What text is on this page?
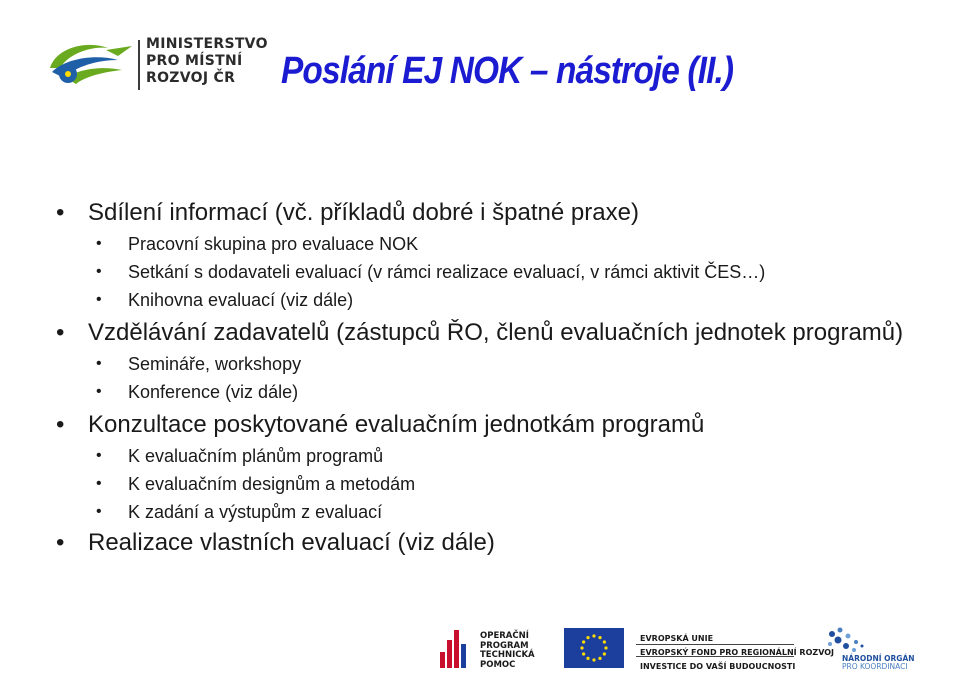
MINISTERSTVO
PRO MÍSTNÍ
ROZVOJ ČR	Poslání EJ NOK – nástroje (II.)
• Sdílení informací (vč. příkladů dobré i špatné praxe)
• Pracovní skupina pro evaluace NOK
• Setkání s dodavateli evaluací (v rámci realizace evaluací, v rámci aktivit ČES…)
• Knihovna evaluací (viz dále)
• Vzdělávání zadavatelů (zástupců ŘO, členů evaluačních jednotek programů)
• Semináře, workshopy
• Konference (viz dále)
• Konzultace poskytované evaluačním jednotkám programů
• K evaluačním plánům programů
• K evaluačním designům a metodám
• K zadání a výstupům z evaluací
• Realizace vlastních evaluací (viz dále)
OPERAČNÍ
PROGRAM
TECHNICKÁ
POMOC
EVROPSKÁ UNIE
EVROPSKÝ FOND PRO REGIONÁLNÍ ROZVOJ
INVESTICE DO VAŠÍ BUDOUCNOSTI
NÁRODNÍ ORGÁN
PRO KOORDINACI
